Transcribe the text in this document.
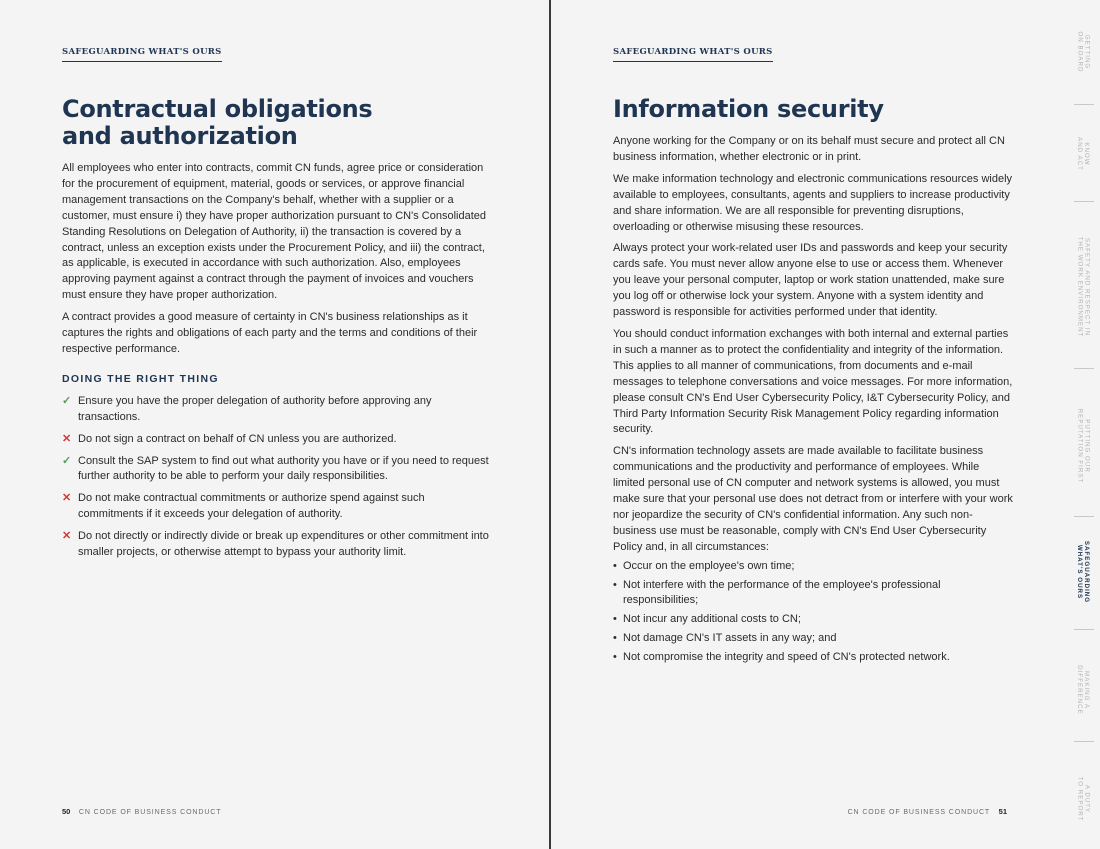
SAFEGUARDING WHAT'S OURS
Contractual obligations
and authorization

All employees who enter into contracts, commit CN funds, agree price or consideration for the procurement of equipment, material, goods or services, or approve financial management transactions on the Company's behalf, whether with a supplier or a customer, must ensure i) they have proper authorization pursuant to CN's Consolidated Standing Resolutions on Delegation of Authority, ii) the transaction is covered by a contract, unless an exception exists under the Procurement Policy, and iii) the contract, as applicable, is executed in accordance with such authorization. Also, employees approving payment against a contract through the payment of invoices and vouchers must ensure they have proper authorization.

A contract provides a good measure of certainty in CN's business relationships as it captures the rights and obligations of each party and the terms and conditions of their respective performance.

DOING THE RIGHT THING
✓ Ensure you have the proper delegation of authority before approving any transactions.
✕ Do not sign a contract on behalf of CN unless you are authorized.
✓ Consult the SAP system to find out what authority you have or if you need to request further authority to be able to perform your daily responsibilities.
✕ Do not make contractual commitments or authorize spend against such commitments if it exceeds your delegation of authority.
✕ Do not directly or indirectly divide or break up expenditures or other commitment into smaller projects, or otherwise attempt to bypass your authority limit.
50 CN CODE OF BUSINESS CONDUCT
SAFEGUARDING WHAT'S OURS
Information security

Anyone working for the Company or on its behalf must secure and protect all CN business information, whether electronic or in print.

We make information technology and electronic communications resources widely available to employees, consultants, agents and suppliers to increase productivity and share information. We are all responsible for preventing disruptions, overloading or otherwise misusing these resources.

Always protect your work-related user IDs and passwords and keep your security cards safe. You must never allow anyone else to use or access them. Whenever you leave your personal computer, laptop or work station unattended, make sure you log off or otherwise lock your system. Anyone with a system identity and password is responsible for activities performed under that identity.

You should conduct information exchanges with both internal and external parties in such a manner as to protect the confidentiality and integrity of the information. This applies to all manner of communications, from documents and e-mail messages to telephone conversations and voice messages. For more information, please consult CN's End User Cybersecurity Policy, I&T Cybersecurity Policy, and Third Party Information Security Risk Management Policy regarding information security.

CN's information technology assets are made available to facilitate business communications and the productivity and performance of employees. While limited personal use of CN computer and network systems is allowed, you must make sure that your personal use does not detract from or interfere with your work nor jeopardize the security of CN's confidential information. Any such non-business use must be reasonable, comply with CN's End User Cybersecurity Policy and, in all circumstances:

• Occur on the employee's own time;
• Not interfere with the performance of the employee's professional responsibilities;
• Not incur any additional costs to CN;
• Not damage CN's IT assets in any way; and
• Not compromise the integrity and speed of CN's protected network.
CN CODE OF BUSINESS CONDUCT 51
GETTING
ON BOARD
KNOW
AND ACT
SAFETY AND RESPECT IN
THE WORK ENVIRONMENT
PUTTING OUR
REPUTATION FIRST
SAFEGUARDING
WHAT'S OURS
MAKING A
DIFFERENCE
A DUTY
TO REPORT
